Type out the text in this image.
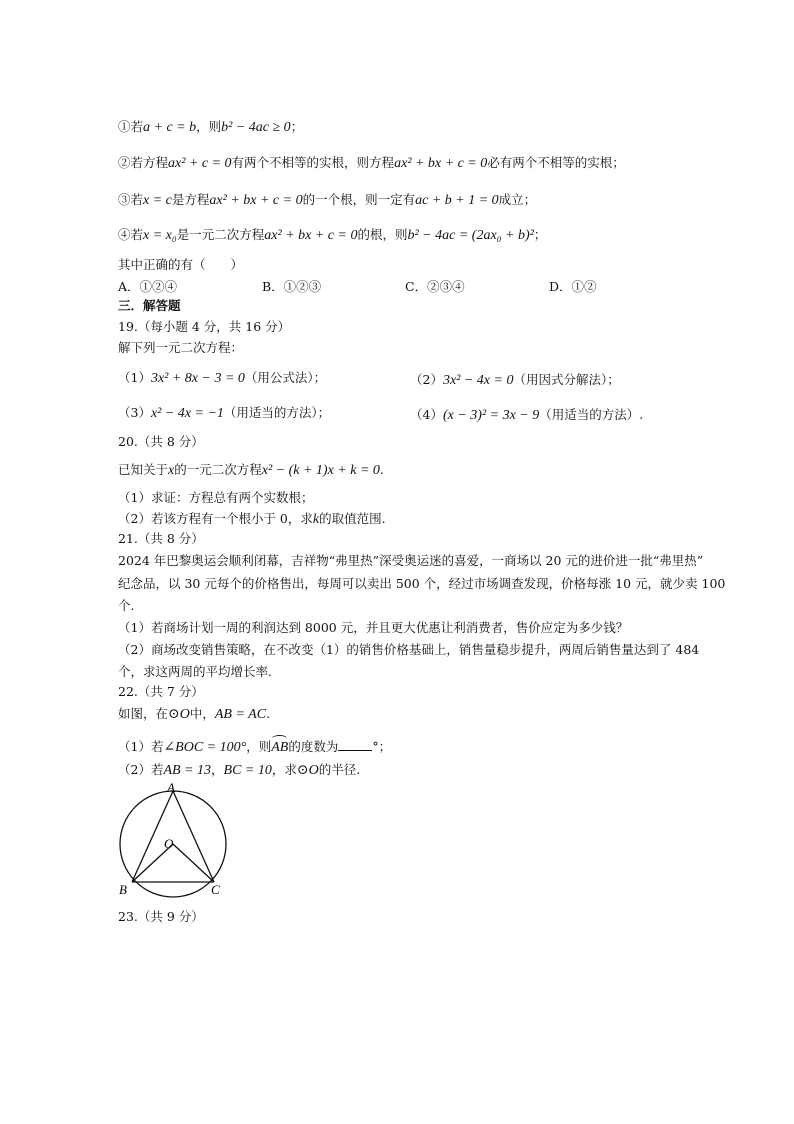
①若a + c = b，则b² − 4ac ≥ 0；
②若方程ax² + c = 0有两个不相等的实根，则方程ax² + bx + c = 0必有两个不相等的实根；
③若x = c是方程ax² + bx + c = 0的一个根，则一定有ac + b + 1 = 0成立；
④若x = x₀是一元二次方程ax² + bx + c = 0的根，则b² − 4ac = (2ax₀ + b)²；
其中正确的有（　　）
A．①②④	B．①②③	C．②③④	D．①②
三．解答题
19.（每小题 4 分，共 16 分）
解下列一元二次方程：
（1）3x² + 8x − 3 = 0（用公式法）；	（2）3x² − 4x = 0（用因式分解法）；
（3）x² − 4x = −1（用适当的方法）；	（4）(x − 3)² = 3x − 9（用适当的方法）.
20.（共 8 分）
已知关于x的一元二次方程x² − (k + 1)x + k = 0.
（1）求证：方程总有两个实数根；
（2）若该方程有一个根小于 0，求k的取值范围.
21.（共 8 分）
2024 年巴黎奥运会顺利闭幕，吉祥物“弗里热”深受奥运迷的喜爱，一商场以 20 元的进价进一批“弗里热”
纪念品，以 30 元每个的价格售出，每周可以卖出 500 个，经过市场调查发现，价格每涨 10 元，就少卖 100
个.
（1）若商场计划一周的利润达到 8000 元，并且更大优惠让利消费者，售价应定为多少钱？
（2）商场改变销售策略，在不改变（1）的销售价格基础上，销售量稳步提升，两周后销售量达到了 484
个，求这两周的平均增长率.
22.（共 7 分）
如图，在⊙O中，AB = AC.
（1）若∠BOC = 100°，则
AB的度数为	°；
（2）若AB = 13，BC = 10，求⊙O的半径.
A
O
B	C
23.（共 9 分）
